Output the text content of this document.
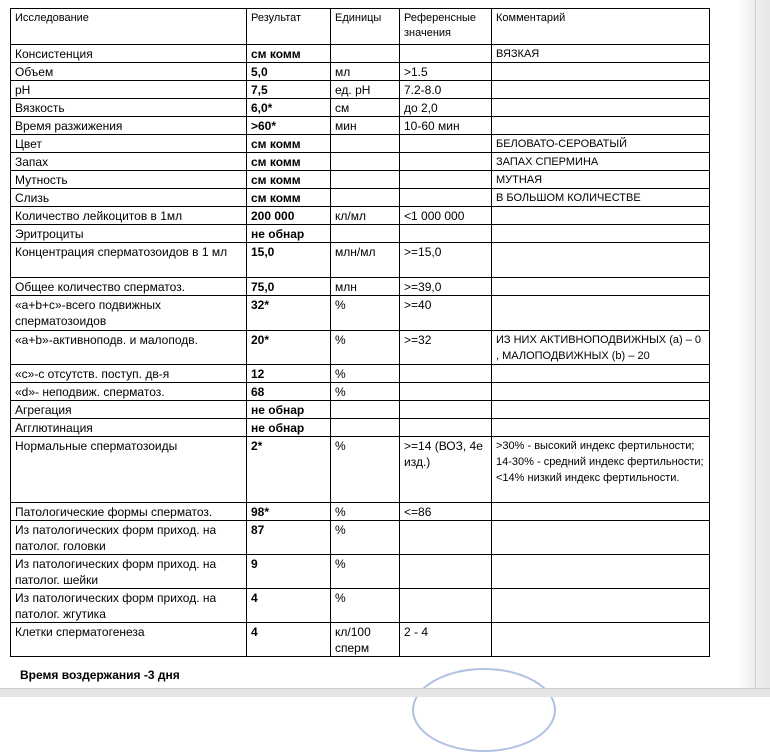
Исследование	Результат	Единицы	Референсные значения	Комментарий
Консистенция	см комм			ВЯЗКАЯ
Объем	5,0	мл	>1.5	
pH	7,5	ед. pH	7.2-8.0	
Вязкость	6,0*	см	до 2,0	
Время разжижения	>60*	мин	10-60 мин	
Цвет	см комм			БЕЛОВАТО-СЕРОВАТЫЙ
Запах	см комм			ЗАПАХ СПЕРМИНА
Мутность	см комм			МУТНАЯ
Слизь	см комм			В БОЛЬШОМ КОЛИЧЕСТВЕ
Количество лейкоцитов в 1мл	200 000	кл/мл	<1 000 000	
Эритроциты	не обнар			
Концентрация сперматозоидов в 1 мл	15,0	млн/мл	>=15,0	
Общее количество сперматоз.	75,0	млн	>=39,0	
«a+b+c»-всего подвижных сперматозоидов	32*	%	>=40	
«a+b»-активноподв. и малоподв.	20*	%	>=32	ИЗ НИХ АКТИВНОПОДВИЖНЫХ (a) – 0 , МАЛОПОДВИЖНЫХ (b) – 20
«c»-с отсутств. поступ. дв-я	12	%		
«d»- неподвиж. сперматоз.	68	%		
Агрегация	не обнар			
Агглютинация	не обнар			
Нормальные сперматозоиды	2*	%	>=14 (ВОЗ, 4е изд.)	>30% - высокий индекс фертильности; 14-30% - средний индекс фертильности; <14% низкий индекс фертильности.
Патологические формы сперматоз.	98*	%	<=86	
Из патологических форм приход. на патолог. головки	87	%		
Из патологических форм приход. на патолог. шейки	9	%		
Из патологических форм приход. на патолог. жгутика	4	%		
Клетки сперматогенеза	4	кл/100 сперм	2 - 4	
Время воздержания -3 дня
